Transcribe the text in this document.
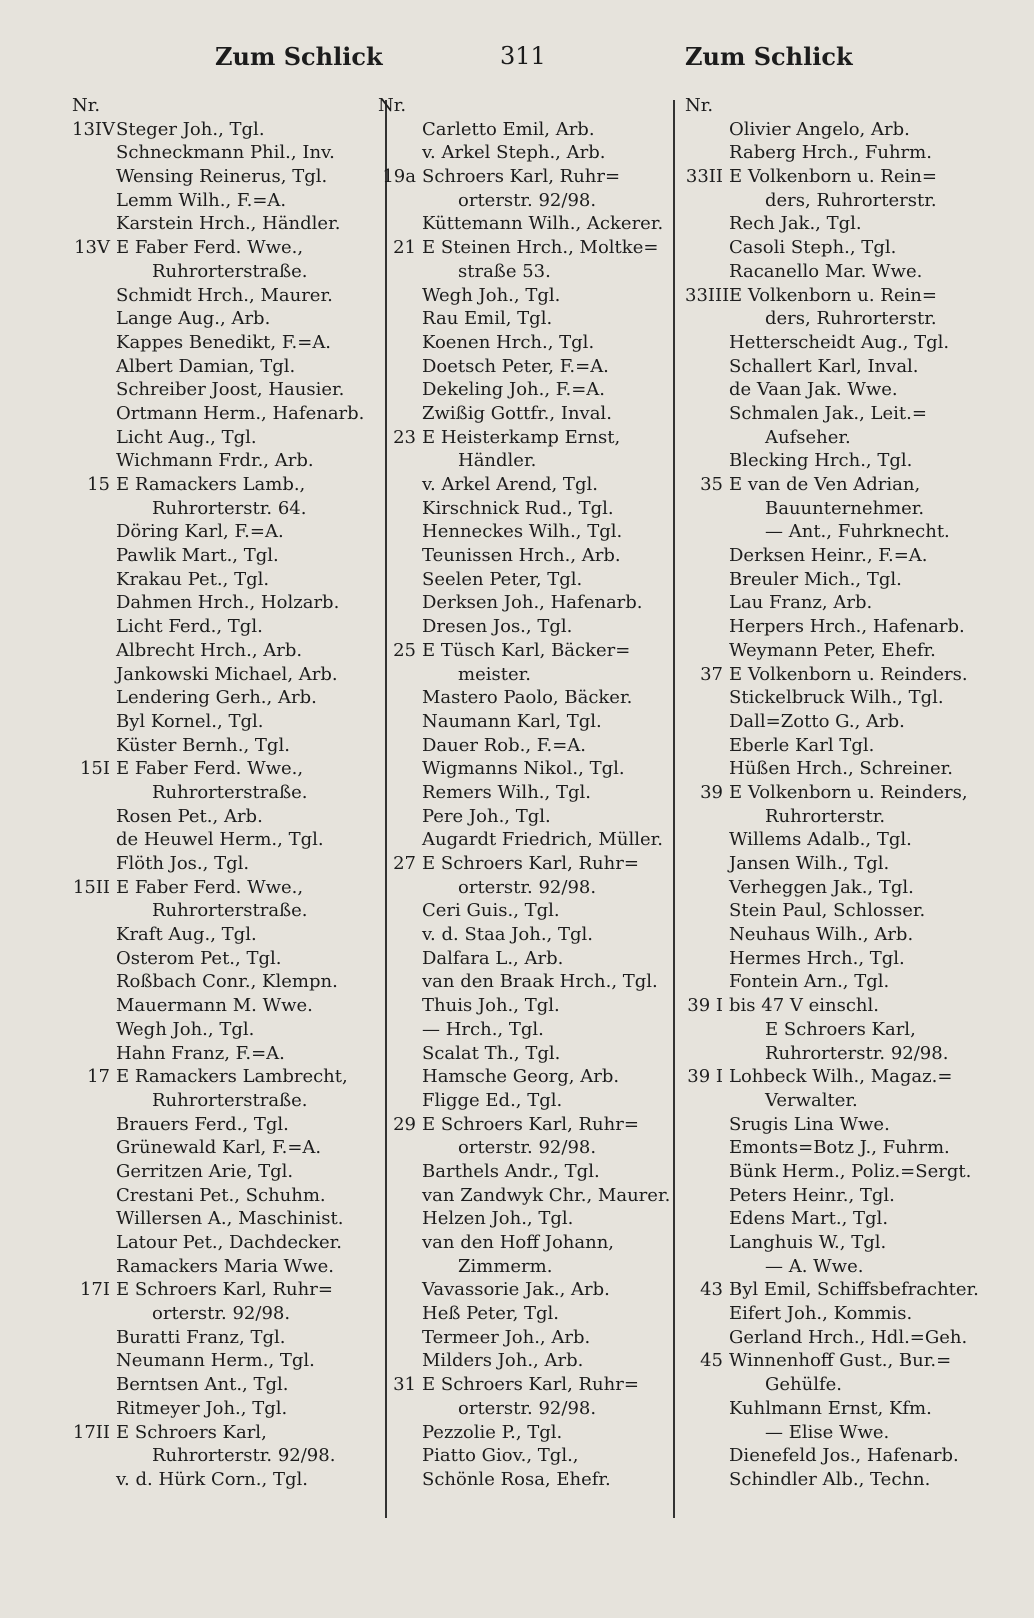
Zum Schlick	311	Zum Schlick
Nr.
13IVSteger Joh., Tgl.
Schneckmann Phil., Inv.
Wensing Reinerus, Tgl.
Lemm Wilh., F.=A.
Karstein Hrch., Händler.
13V E Faber Ferd. Wwe.,
Ruhrorterstraße.
Schmidt Hrch., Maurer.
Lange Aug., Arb.
Kappes Benedikt, F.=A.
Albert Damian, Tgl.
Schreiber Joost, Hausier.
Ortmann Herm., Hafenarb.
Licht Aug., Tgl.
Wichmann Frdr., Arb.
15 E Ramackers Lamb.,
Ruhrorterstr. 64.
Döring Karl, F.=A.
Pawlik Mart., Tgl.
Krakau Pet., Tgl.
Dahmen Hrch., Holzarb.
Licht Ferd., Tgl.
Albrecht Hrch., Arb.
Jankowski Michael, Arb.
Lendering Gerh., Arb.
Byl Kornel., Tgl.
Küster Bernh., Tgl.
15I E Faber Ferd. Wwe.,
Ruhrorterstraße.
Rosen Pet., Arb.
de Heuwel Herm., Tgl.
Flöth Jos., Tgl.
15II E Faber Ferd. Wwe.,
Ruhrorterstraße.
Kraft Aug., Tgl.
Osterom Pet., Tgl.
Roßbach Conr., Klempn.
Mauermann M. Wwe.
Wegh Joh., Tgl.
Hahn Franz, F.=A.
17 E Ramackers Lambrecht,
Ruhrorterstraße.
Brauers Ferd., Tgl.
Grünewald Karl, F.=A.
Gerritzen Arie, Tgl.
Crestani Pet., Schuhm.
Willersen A., Maschinist.
Latour Pet., Dachdecker.
Ramackers Maria Wwe.
17I E Schroers Karl, Ruhr=
orterstr. 92/98.
Buratti Franz, Tgl.
Neumann Herm., Tgl.
Berntsen Ant., Tgl.
Ritmeyer Joh., Tgl.
17II E Schroers Karl,
Ruhrorterstr. 92/98.
v. d. Hürk Corn., Tgl.
Nr.
Carletto Emil, Arb.
v. Arkel Steph., Arb.
19a Schroers Karl, Ruhr=
orterstr. 92/98.
Küttemann Wilh., Ackerer.
21 E Steinen Hrch., Moltke=
straße 53.
Wegh Joh., Tgl.
Rau Emil, Tgl.
Koenen Hrch., Tgl.
Doetsch Peter, F.=A.
Dekeling Joh., F.=A.
Zwißig Gottfr., Inval.
23 E Heisterkamp Ernst,
Händler.
v. Arkel Arend, Tgl.
Kirschnick Rud., Tgl.
Henneckes Wilh., Tgl.
Teunissen Hrch., Arb.
Seelen Peter, Tgl.
Derksen Joh., Hafenarb.
Dresen Jos., Tgl.
25 E Tüsch Karl, Bäcker=
meister.
Mastero Paolo, Bäcker.
Naumann Karl, Tgl.
Dauer Rob., F.=A.
Wigmanns Nikol., Tgl.
Remers Wilh., Tgl.
Pere Joh., Tgl.
Augardt Friedrich, Müller.
27 E Schroers Karl, Ruhr=
orterstr. 92/98.
Ceri Guis., Tgl.
v. d. Staa Joh., Tgl.
Dalfara L., Arb.
van den Braak Hrch., Tgl.
Thuis Joh., Tgl.
— Hrch., Tgl.
Scalat Th., Tgl.
Hamsche Georg, Arb.
Fligge Ed., Tgl.
29 E Schroers Karl, Ruhr=
orterstr. 92/98.
Barthels Andr., Tgl.
van Zandwyk Chr., Maurer.
Helzen Joh., Tgl.
van den Hoff Johann,
Zimmerm.
Vavassorie Jak., Arb.
Heß Peter, Tgl.
Termeer Joh., Arb.
Milders Joh., Arb.
31 E Schroers Karl, Ruhr=
orterstr. 92/98.
Pezzolie P., Tgl.
Piatto Giov., Tgl.,
Schönle Rosa, Ehefr.
Nr.
Olivier Angelo, Arb.
Raberg Hrch., Fuhrm.
33II E Volkenborn u. Rein=
ders, Ruhrorterstr.
Rech Jak., Tgl.
Casoli Steph., Tgl.
Racanello Mar. Wwe.
33IIIE Volkenborn u. Rein=
ders, Ruhrorterstr.
Hetterscheidt Aug., Tgl.
Schallert Karl, Inval.
de Vaan Jak. Wwe.
Schmalen Jak., Leit.=
Aufseher.
Blecking Hrch., Tgl.
35 E van de Ven Adrian,
Bauunternehmer.
— Ant., Fuhrknecht.
Derksen Heinr., F.=A.
Breuler Mich., Tgl.
Lau Franz, Arb.
Herpers Hrch., Hafenarb.
Weymann Peter, Ehefr.
37 E Volkenborn u. Reinders.
Stickelbruck Wilh., Tgl.
Dall=Zotto G., Arb.
Eberle Karl Tgl.
Hüßen Hrch., Schreiner.
39 E Volkenborn u. Reinders,
Ruhrorterstr.
Willems Adalb., Tgl.
Jansen Wilh., Tgl.
Verheggen Jak., Tgl.
Stein Paul, Schlosser.
Neuhaus Wilh., Arb.
Hermes Hrch., Tgl.
Fontein Arn., Tgl.
39 I bis 47 V einschl.
E Schroers Karl,
Ruhrorterstr. 92/98.
39 I Lohbeck Wilh., Magaz.=
Verwalter.
Srugis Lina Wwe.
Emonts=Botz J., Fuhrm.
Bünk Herm., Poliz.=Sergt.
Peters Heinr., Tgl.
Edens Mart., Tgl.
Langhuis W., Tgl.
— A. Wwe.
43 Byl Emil, Schiffsbefrachter.
Eifert Joh., Kommis.
Gerland Hrch., Hdl.=Geh.
45 Winnenhoff Gust., Bur.=
Gehülfe.
Kuhlmann Ernst, Kfm.
— Elise Wwe.
Dienefeld Jos., Hafenarb.
Schindler Alb., Techn.
